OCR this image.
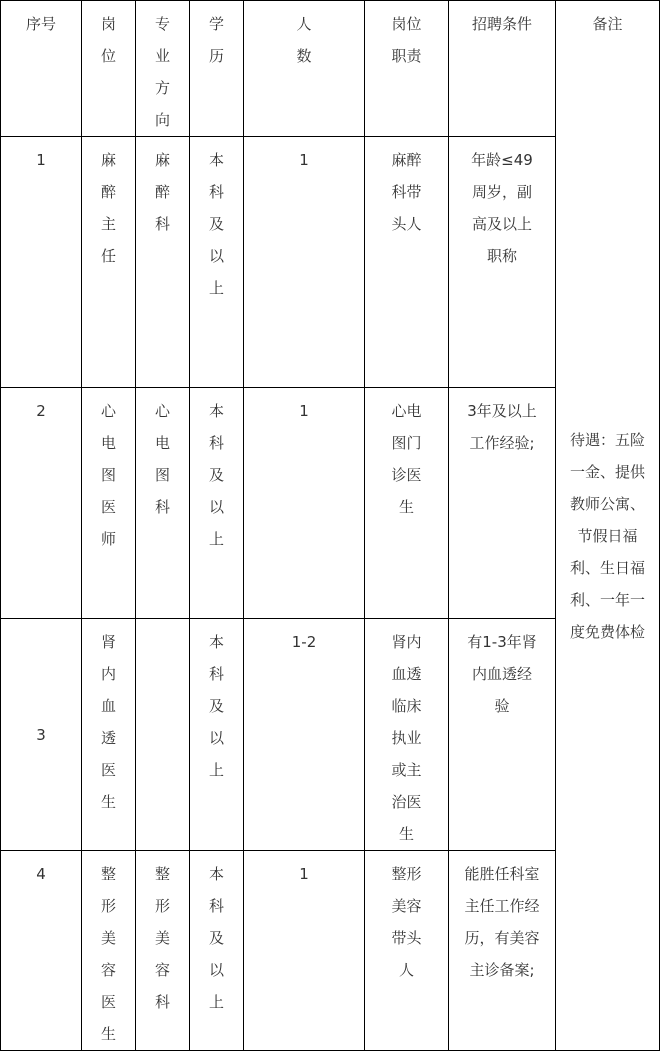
序号	岗位	专业方向	学历	人数	岗位职责	招聘条件	备注
待遇：五险一金、提供教师公寓、节假日福利、生日福利、一年一度免费体检

1	麻醉主任	麻醉科	本科及以上	1	麻醉科带头人	年龄≤49周岁，副高及以上职称	

2	心电图医师	心电图科	本科及以上	1	心电图门诊医生	3年及以上工作经验;	

3	肾内血透医生		本科及以上	1-2	肾内血透临床执业或主治医生	有1-3年肾内血透经验	

4	整形美容医生	整形美容科	本科及以上	1	整形美容带头人	能胜任科室主任工作经历，有美容主诊备案;	
